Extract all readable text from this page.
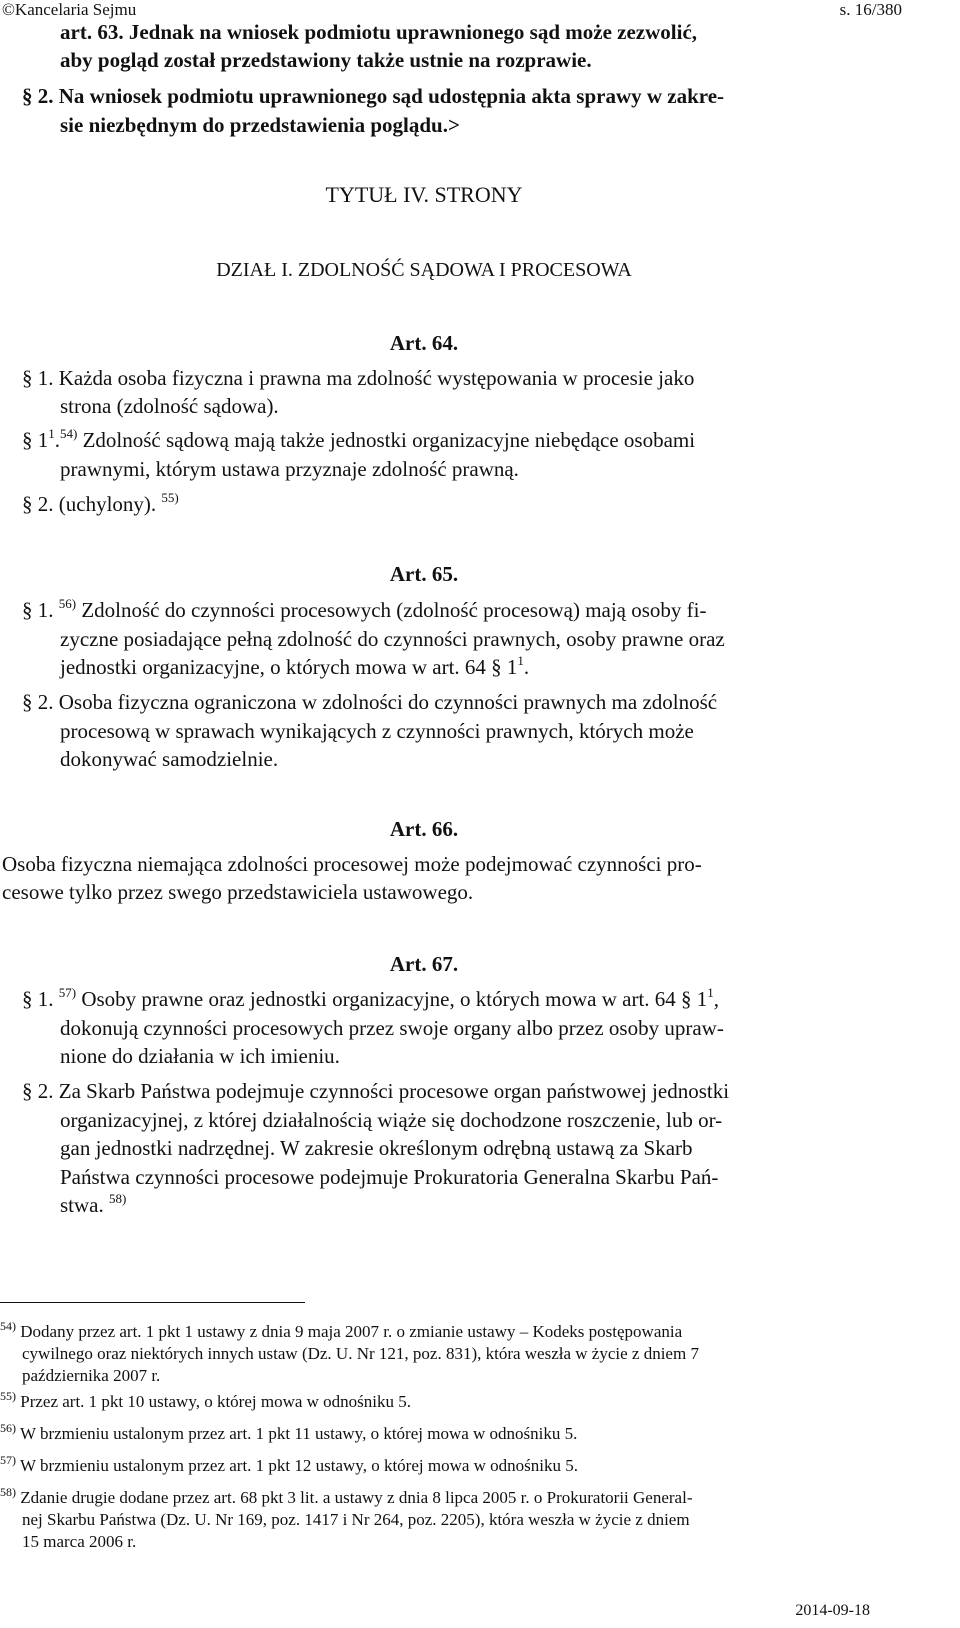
©Kancelaria Sejmu	s. 16/380
art. 63. Jednak na wniosek podmiotu uprawnionego sąd może zezwolić,
aby pogląd został przedstawiony także ustnie na rozprawie.
§ 2. Na wniosek podmiotu uprawnionego sąd udostępnia akta sprawy w zakre-
sie niezbędnym do przedstawienia poglądu.>
TYTUŁ IV. STRONY
DZIAŁ I. ZDOLNOŚĆ SĄDOWA I PROCESOWA
Art. 64.
§ 1. Każda osoba fizyczna i prawna ma zdolność występowania w procesie jako
strona (zdolność sądowa).
§ $1^1.^{54)}$ Zdolność sądową mają także jednostki organizacyjne niebędące osobami
prawnymi, którym ustawa przyznaje zdolność prawną.
§ 2. (uchylony). $^{55)}$
Art. 65.
§ 1. $^{56)}$ Zdolność do czynności procesowych (zdolność procesową) mają osoby fi-
zyczne posiadające pełną zdolność do czynności prawnych, osoby prawne oraz
jednostki organizacyjne, o których mowa w art. 64 § $1^1$.
§ 2. Osoba fizyczna ograniczona w zdolności do czynności prawnych ma zdolność
procesową w sprawach wynikających z czynności prawnych, których może
dokonywać samodzielnie.
Art. 66.
Osoba fizyczna niemająca zdolności procesowej może podejmować czynności pro-
cesowe tylko przez swego przedstawiciela ustawowego.
Art. 67.
§ 1. $^{57)}$ Osoby prawne oraz jednostki organizacyjne, o których mowa w art. 64 § $1^1$,
dokonują czynności procesowych przez swoje organy albo przez osoby upraw-
nione do działania w ich imieniu.
§ 2. Za Skarb Państwa podejmuje czynności procesowe organ państwowej jednostki
organizacyjnej, z której działalnością wiąże się dochodzone roszczenie, lub or-
gan jednostki nadrzędnej. W zakresie określonym odrębną ustawą za Skarb
Państwa czynności procesowe podejmuje Prokuratoria Generalna Skarbu Pań-
stwa. $^{58)}$
$^{54)}$ Dodany przez art. 1 pkt 1 ustawy z dnia 9 maja 2007 r. o zmianie ustawy – Kodeks postępowania
cywilnego oraz niektórych innych ustaw (Dz. U. Nr 121, poz. 831), która weszła w życie z dniem 7
października 2007 r.
$^{55)}$ Przez art. 1 pkt 10 ustawy, o której mowa w odnośniku 5.
$^{56)}$ W brzmieniu ustalonym przez art. 1 pkt 11 ustawy, o której mowa w odnośniku 5.
$^{57)}$ W brzmieniu ustalonym przez art. 1 pkt 12 ustawy, o której mowa w odnośniku 5.
$^{58)}$ Zdanie drugie dodane przez art. 68 pkt 3 lit. a ustawy z dnia 8 lipca 2005 r. o Prokuratorii General-
nej Skarbu Państwa (Dz. U. Nr 169, poz. 1417 i Nr 264, poz. 2205), która weszła w życie z dniem
15 marca 2006 r.
2014-09-18
